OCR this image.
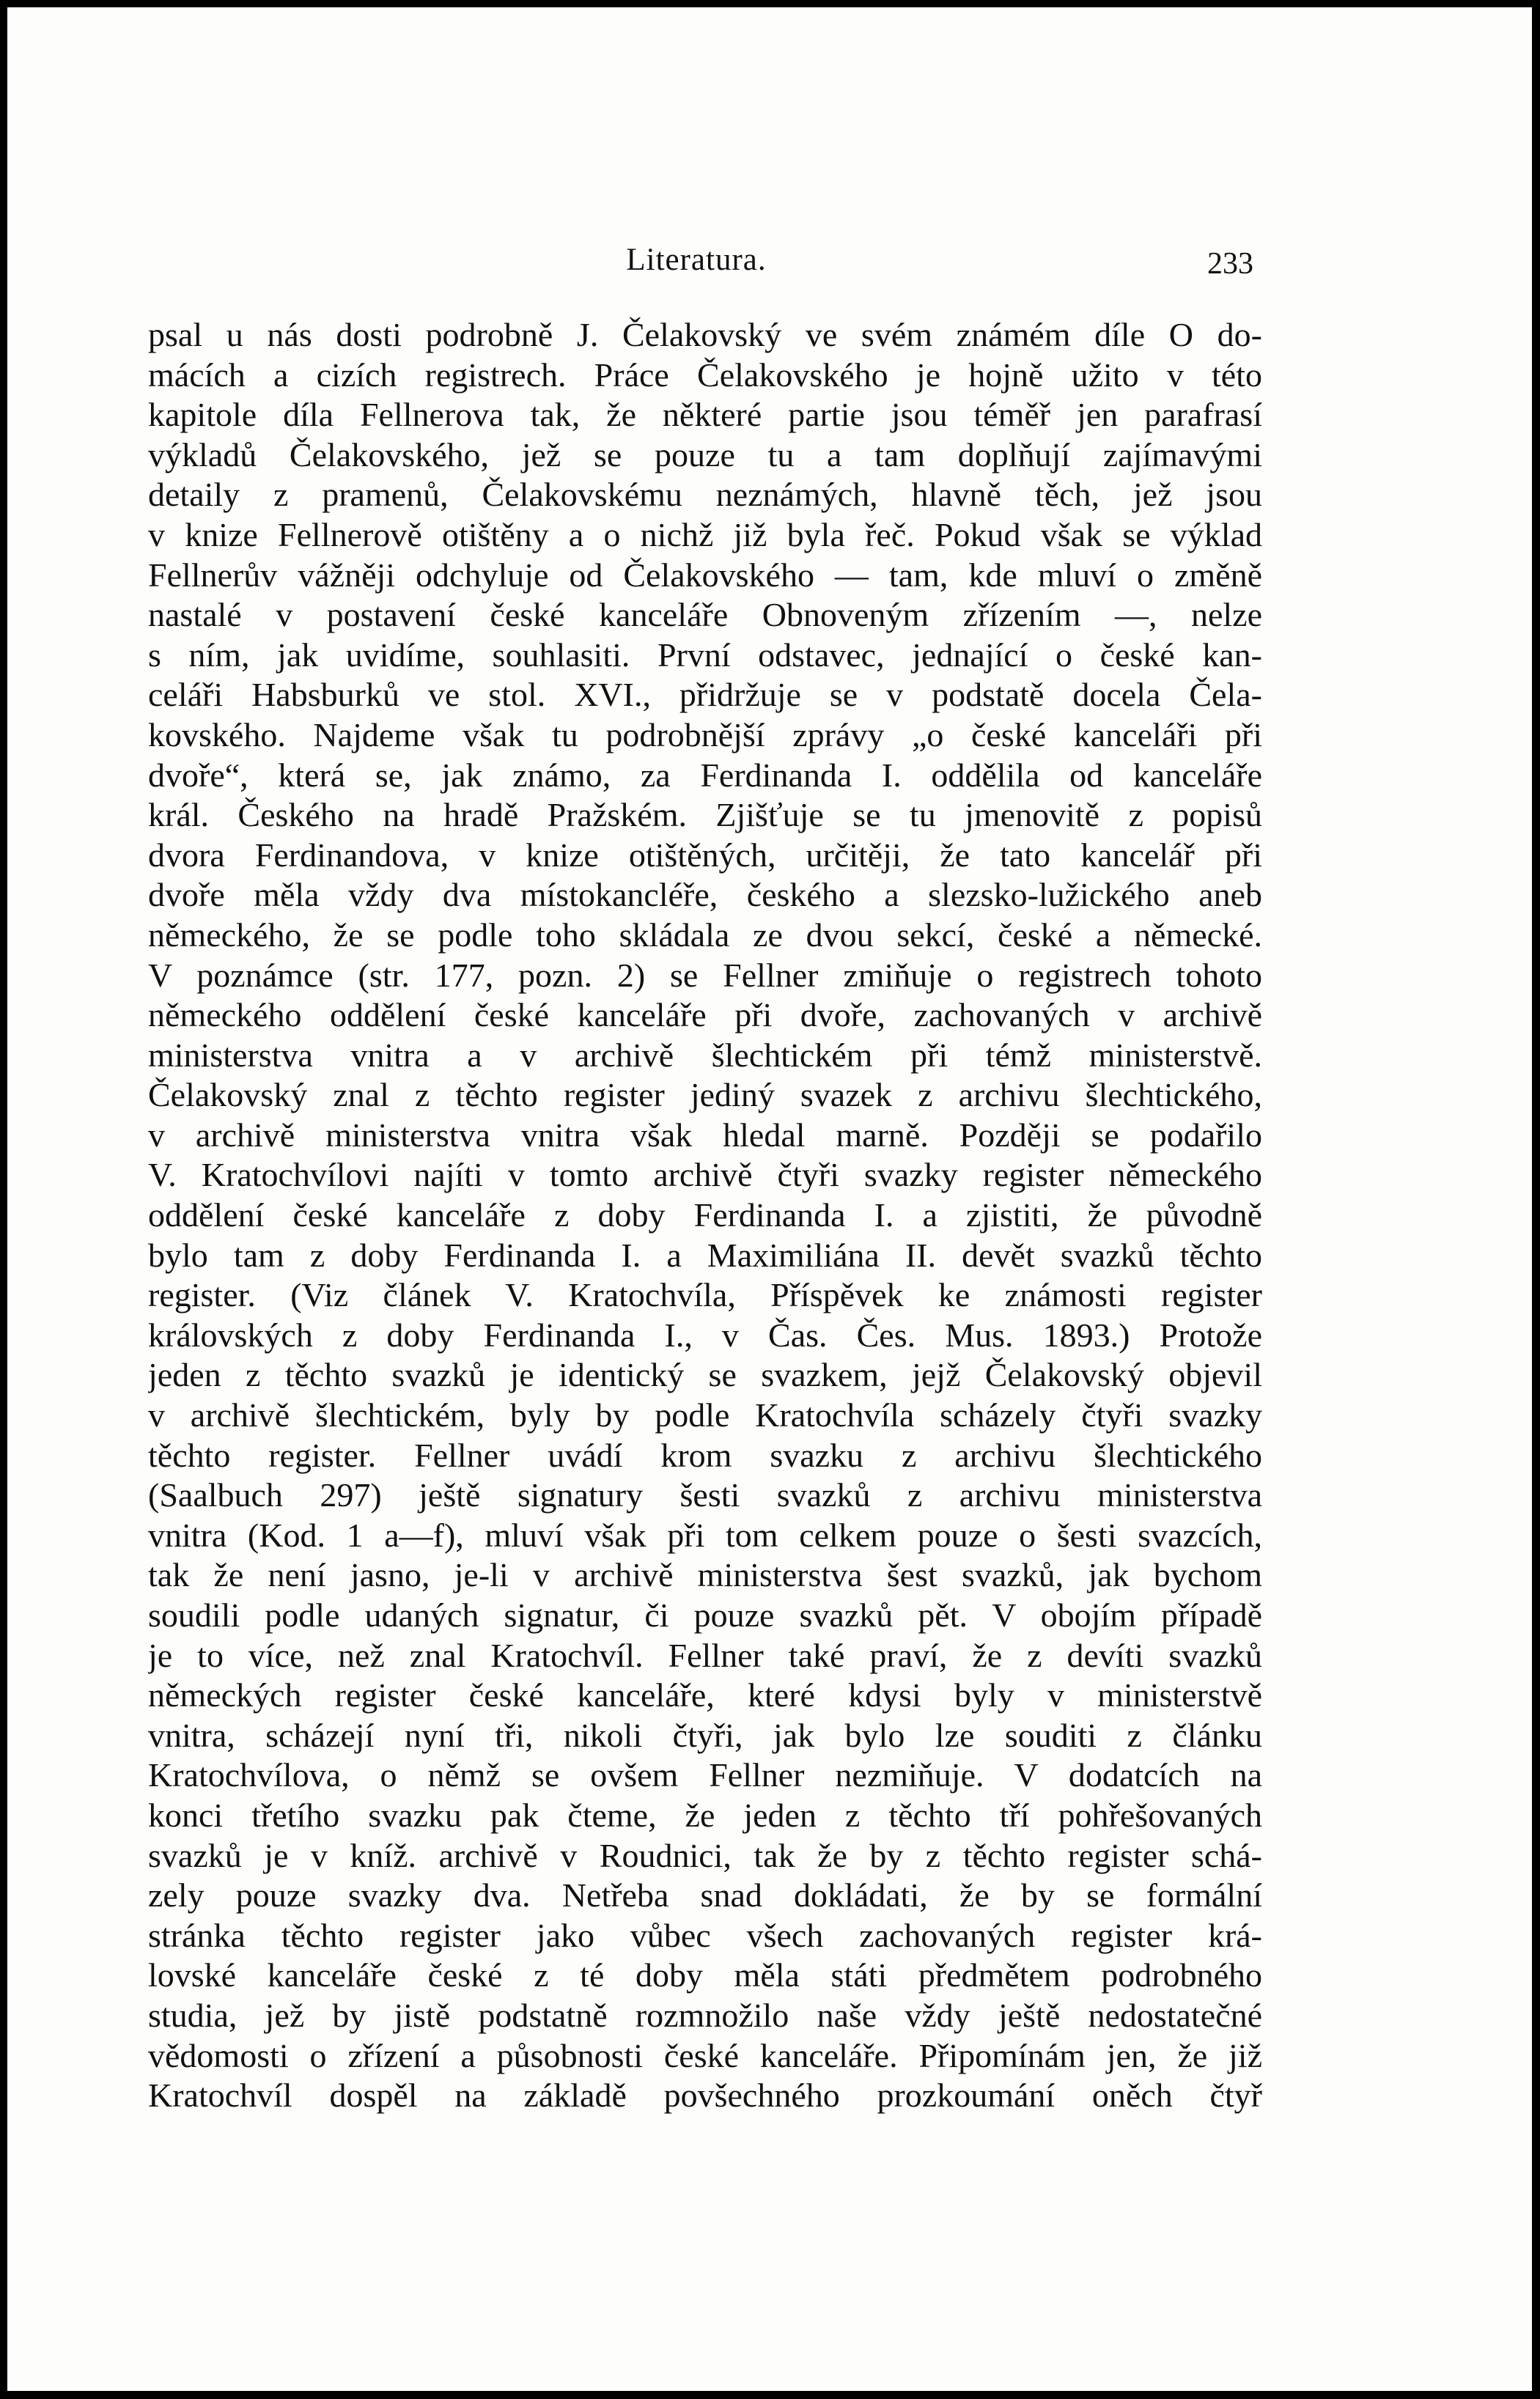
Literatura.	233
psal u nás dosti podrobně J. Čelakovský ve svém známém díle O do-
mácích a cizích registrech. Práce Čelakovského je hojně užito v této
kapitole díla Fellnerova tak, že některé partie jsou téměř jen parafrasí
výkladů Čelakovského, jež se pouze tu a tam doplňují zajímavými
detaily z pramenů, Čelakovskému neznámých, hlavně těch, jež jsou
v knize Fellnerově otištěny a o nichž již byla řeč. Pokud však se výklad
Fellnerův vážněji odchyluje od Čelakovského — tam, kde mluví o změně
nastalé v postavení české kanceláře Obnoveným zřízením —, nelze
s ním, jak uvidíme, souhlasiti. První odstavec, jednající o české kan-
celáři Habsburků ve stol. XVI., přidržuje se v podstatě docela Čela-
kovského. Najdeme však tu podrobnější zprávy „o české kanceláři při
dvoře“, která se, jak známo, za Ferdinanda I. oddělila od kanceláře
král. Českého na hradě Pražském. Zjišťuje se tu jmenovitě z popisů
dvora Ferdinandova, v knize otištěných, určitěji, že tato kancelář při
dvoře měla vždy dva místokancléře, českého a slezsko-lužického aneb
německého, že se podle toho skládala ze dvou sekcí, české a německé.
V poznámce (str. 177, pozn. 2) se Fellner zmiňuje o registrech tohoto
německého oddělení české kanceláře při dvoře, zachovaných v archivě
ministerstva vnitra a v archivě šlechtickém při témž ministerstvě.
Čelakovský znal z těchto register jediný svazek z archivu šlechtického,
v archivě ministerstva vnitra však hledal marně. Později se podařilo
V. Kratochvílovi najíti v tomto archivě čtyři svazky register německého
oddělení české kanceláře z doby Ferdinanda I. a zjistiti, že původně
bylo tam z doby Ferdinanda I. a Maximiliána II. devět svazků těchto
register. (Viz článek V. Kratochvíla, Příspěvek ke známosti register
královských z doby Ferdinanda I., v Čas. Čes. Mus. 1893.) Protože
jeden z těchto svazků je identický se svazkem, jejž Čelakovský objevil
v archivě šlechtickém, byly by podle Kratochvíla scházely čtyři svazky
těchto register. Fellner uvádí krom svazku z archivu šlechtického
(Saalbuch 297) ještě signatury šesti svazků z archivu ministerstva
vnitra (Kod. 1 a—f), mluví však při tom celkem pouze o šesti svazcích,
tak že není jasno, je-li v archivě ministerstva šest svazků, jak bychom
soudili podle udaných signatur, či pouze svazků pět. V obojím případě
je to více, než znal Kratochvíl. Fellner také praví, že z devíti svazků
německých register české kanceláře, které kdysi byly v ministerstvě
vnitra, scházejí nyní tři, nikoli čtyři, jak bylo lze souditi z článku
Kratochvílova, o němž se ovšem Fellner nezmiňuje. V dodatcích na
konci třetího svazku pak čteme, že jeden z těchto tří pohřešovaných
svazků je v kníž. archivě v Roudnici, tak že by z těchto register schá-
zely pouze svazky dva. Netřeba snad dokládati, že by se formální
stránka těchto register jako vůbec všech zachovaných register krá-
lovské kanceláře české z té doby měla státi předmětem podrobného
studia, jež by jistě podstatně rozmnožilo naše vždy ještě nedostatečné
vědomosti o zřízení a působnosti české kanceláře. Připomínám jen, že již
Kratochvíl dospěl na základě povšechného prozkoumání oněch čtyř
